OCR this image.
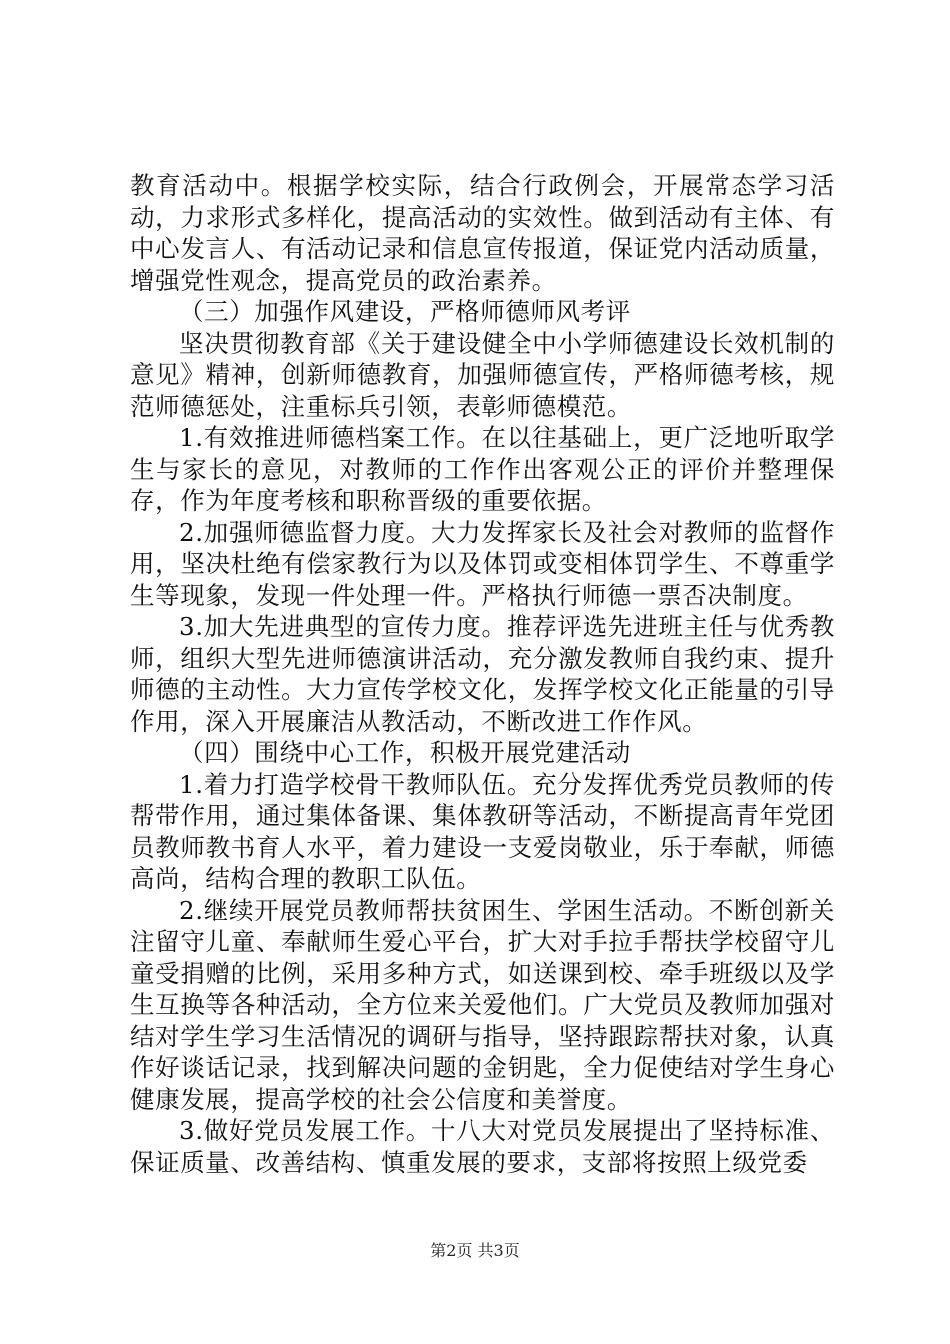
教育活动中。根据学校实际，结合行政例会，开展常态学习活动，力求形式多样化，提高活动的实效性。做到活动有主体、有中心发言人、有活动记录和信息宣传报道，保证党内活动质量，增强党性观念，提高党员的政治素养。

（三）加强作风建设，严格师德师风考评

坚决贯彻教育部《关于建设健全中小学师德建设长效机制的意见》精神，创新师德教育，加强师德宣传，严格师德考核，规范师德惩处，注重标兵引领，表彰师德模范。

1.有效推进师德档案工作。在以往基础上，更广泛地听取学生与家长的意见，对教师的工作作出客观公正的评价并整理保存，作为年度考核和职称晋级的重要依据。

2.加强师德监督力度。大力发挥家长及社会对教师的监督作用，坚决杜绝有偿家教行为以及体罚或变相体罚学生、不尊重学生等现象，发现一件处理一件。严格执行师德一票否决制度。

3.加大先进典型的宣传力度。推荐评选先进班主任与优秀教师，组织大型先进师德演讲活动，充分激发教师自我约束、提升师德的主动性。大力宣传学校文化，发挥学校文化正能量的引导作用，深入开展廉洁从教活动，不断改进工作作风。

（四）围绕中心工作，积极开展党建活动

1.着力打造学校骨干教师队伍。充分发挥优秀党员教师的传帮带作用，通过集体备课、集体教研等活动，不断提高青年党团员教师教书育人水平，着力建设一支爱岗敬业，乐于奉献，师德高尚，结构合理的教职工队伍。

2.继续开展党员教师帮扶贫困生、学困生活动。不断创新关注留守儿童、奉献师生爱心平台，扩大对手拉手帮扶学校留守儿童受捐赠的比例，采用多种方式，如送课到校、牵手班级以及学生互换等各种活动，全方位来关爱他们。广大党员及教师加强对结对学生学习生活情况的调研与指导，坚持跟踪帮扶对象，认真作好谈话记录，找到解决问题的金钥匙，全力促使结对学生身心健康发展，提高学校的社会公信度和美誉度。

3.做好党员发展工作。十八大对党员发展提出了坚持标准、保证质量、改善结构、慎重发展的要求，支部将按照上级党委

第2页 共3页
